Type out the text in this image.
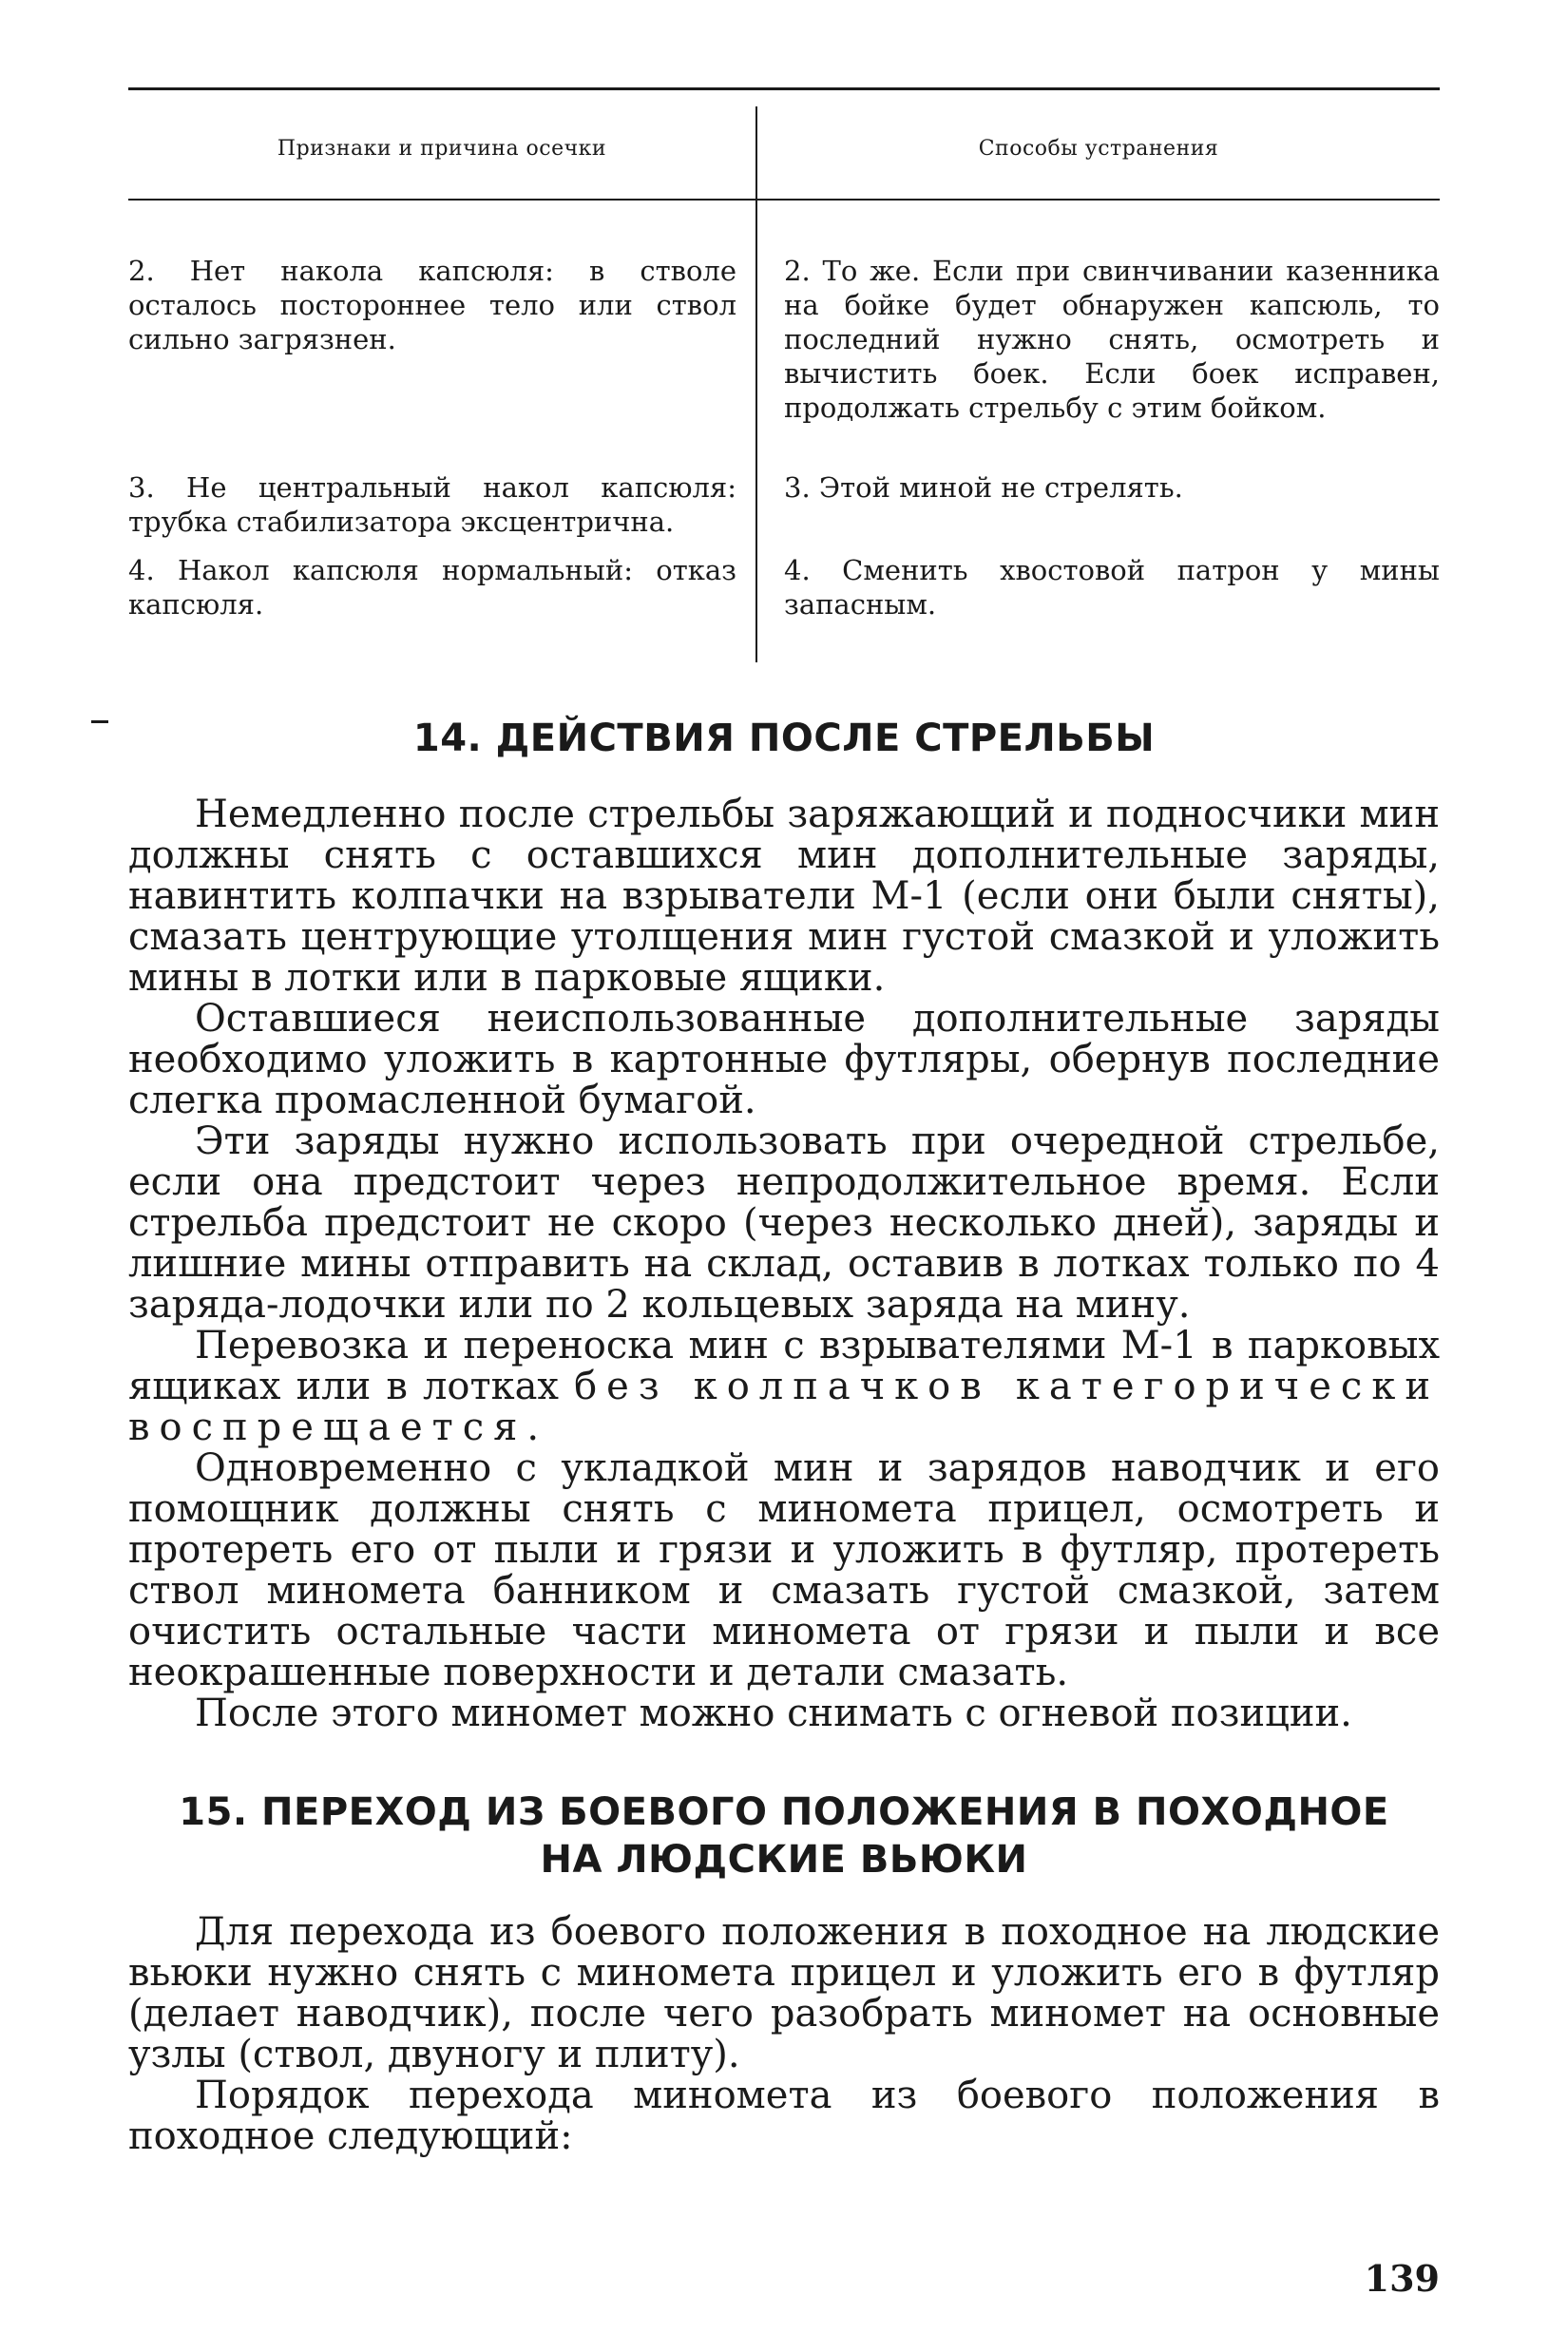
Признаки и причина осечки	Способы устранения
2. Нет накола капсюля: в стволе осталось постороннее тело или ствол сильно загрязнен.
2. То же. Если при свинчивании казенника на бойке будет обнаружен капсюль, то последний нужно снять, осмотреть и вычистить боек. Если боек исправен, продолжать стрельбу с этим бойком.
3. Не центральный накол капсюля: трубка стабилизатора эксцентрична.
3. Этой миной не стрелять.
4. Накол капсюля нормальный: отказ капсюля.
4. Сменить хвостовой патрон у мины запасным.
14. ДЕЙСТВИЯ ПОСЛЕ СТРЕЛЬБЫ
Немедленно после стрельбы заряжающий и подносчики мин должны снять с оставшихся мин дополнительные заряды, навинтить колпачки на взрыватели М-1 (если они были сняты), смазать центрующие утолщения мин густой смазкой и уложить мины в лотки или в парковые ящики.
Оставшиеся неиспользованные дополнительные заряды необходимо уложить в картонные футляры, обернув последние слегка промасленной бумагой.
Эти заряды нужно использовать при очередной стрельбе, если она предстоит через непродолжительное время. Если стрельба предстоит не скоро (через несколько дней), заряды и лишние мины отправить на склад, оставив в лотках только по 4 заряда-лодочки или по 2 кольцевых заряда на мину.
Перевозка и переноска мин с взрывателями М-1 в парковых ящиках или в лотках без колпачков категорически воспрещается.
Одновременно с укладкой мин и зарядов наводчик и его помощник должны снять с миномета прицел, осмотреть и протереть его от пыли и грязи и уложить в футляр, протереть ствол миномета банником и смазать густой смазкой, затем очистить остальные части миномета от грязи и пыли и все неокрашенные поверхности и детали смазать.
После этого миномет можно снимать с огневой позиции.
15. ПЕРЕХОД ИЗ БОЕВОГО ПОЛОЖЕНИЯ В ПОХОДНОЕ
НА ЛЮДСКИЕ ВЬЮКИ
Для перехода из боевого положения в походное на людские вьюки нужно снять с миномета прицел и уложить его в футляр (делает наводчик), после чего разобрать миномет на основные узлы (ствол, двуногу и плиту).
Порядок перехода миномета из боевого положения в походное следующий:
139
